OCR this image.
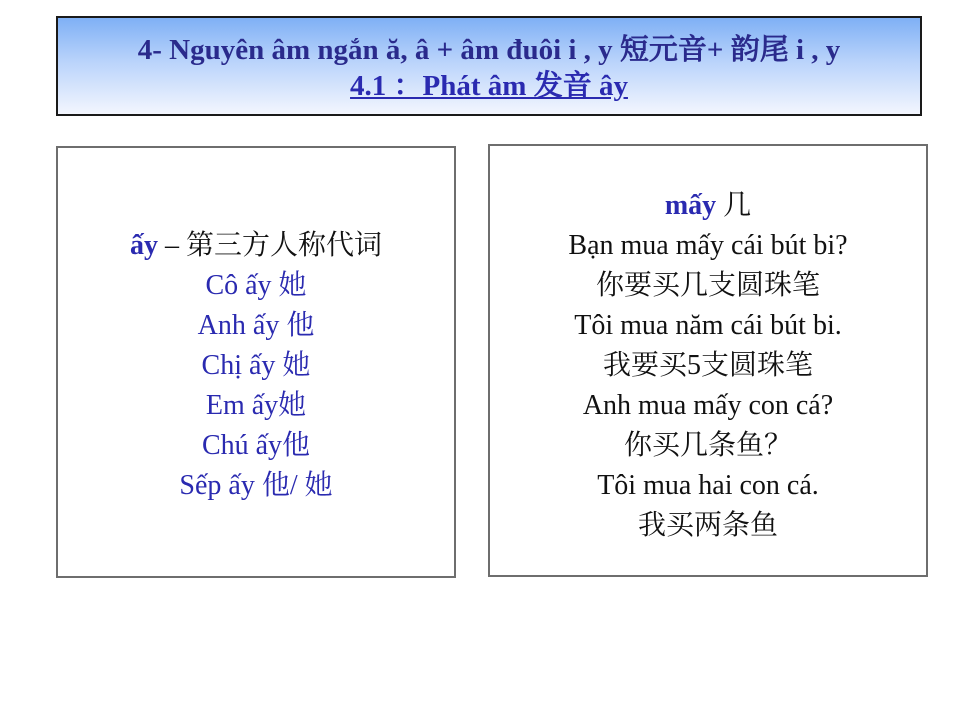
4- Nguyên âm ngắn ă, â + âm đuôi i , y 短元音+ 韵尾 i , y
4.1 ：Phát âm 发音 ây
ấy – 第三方人称代词
Cô ấy 她
Anh ấy 他
Chị ấy 她
Em ấy她
Chú ấy他
Sếp ấy 他/ 她
mấy 几
Bạn mua mấy cái bút bi?
你要买几支圆珠笔
Tôi mua năm cái bút bi.
我要买5支圆珠笔
Anh mua mấy con cá?
你买几条鱼？
Tôi mua hai con cá.
我买两条鱼
